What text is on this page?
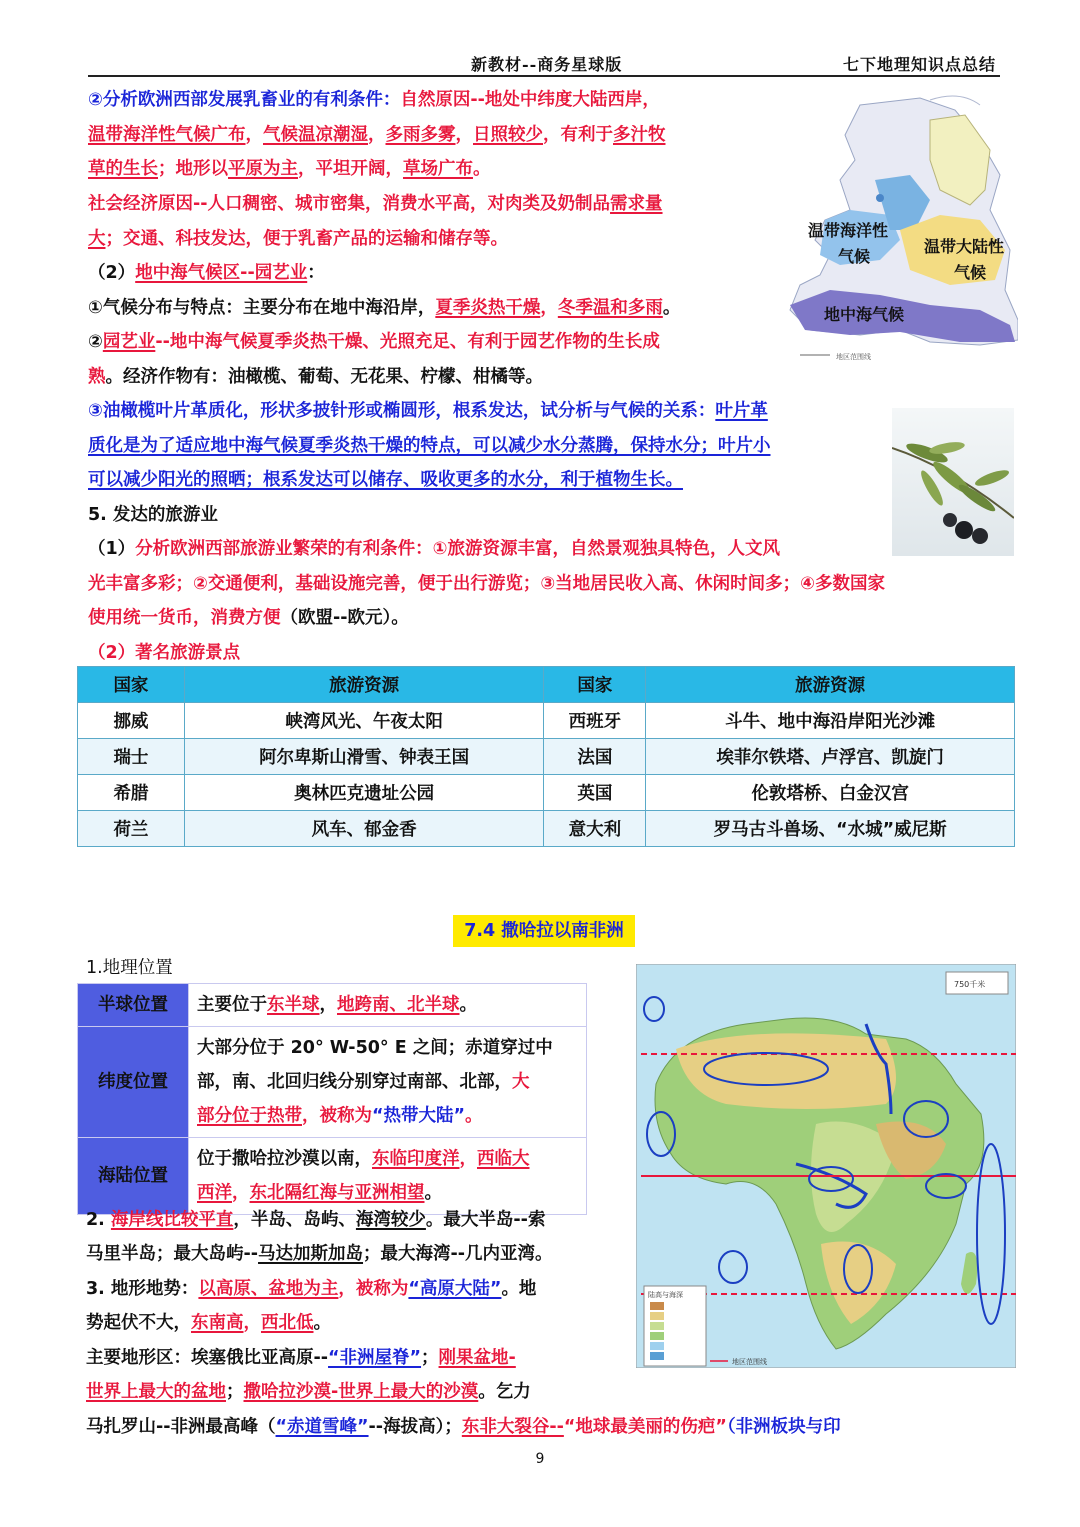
新教材--商务星球版	七下地理知识点总结
地区范围线
温带海洋性
气候
温带大陆性
气候
地中海气候
②分析欧洲西部发展乳畜业的有利条件：自然原因--地处中纬度大陆西岸，
温带海洋性气候广布，气候温凉潮湿，多雨多雾，日照较少，有利于多汁牧
草的生长；地形以平原为主，平坦开阔，草场广布。
社会经济原因--人口稠密、城市密集，消费水平高，对肉类及奶制品需求量
大；交通、科技发达，便于乳畜产品的运输和储存等。
（2）地中海气候区--园艺业：
①气候分布与特点：主要分布在地中海沿岸，夏季炎热干燥，冬季温和多雨。
②园艺业--地中海气候夏季炎热干燥、光照充足、有利于园艺作物的生长成
熟。经济作物有：油橄榄、葡萄、无花果、柠檬、柑橘等。
③油橄榄叶片革质化，形状多披针形或椭圆形，根系发达，试分析与气候的关系：叶片革
质化是为了适应地中海气候夏季炎热干燥的特点，可以减少水分蒸腾，保持水分；叶片小
可以减少阳光的照晒；根系发达可以储存、吸收更多的水分，利于植物生长。
5. 发达的旅游业
（1）分析欧洲西部旅游业繁荣的有利条件：①旅游资源丰富，自然景观独具特色，人文风
光丰富多彩；②交通便利，基础设施完善，便于出行游览；③当地居民收入高、休闲时间多；④多数国家
使用统一货币，消费方便（欧盟--欧元）。
（2）著名旅游景点
国家	旅游资源	国家	旅游资源
挪威	峡湾风光、午夜太阳	西班牙	斗牛、地中海沿岸阳光沙滩
瑞士	阿尔卑斯山滑雪、钟表王国	法国	埃菲尔铁塔、卢浮宫、凯旋门
希腊	奥林匹克遗址公园	英国	伦敦塔桥、白金汉宫
荷兰	风车、郁金香	意大利	罗马古斗兽场、“水城”威尼斯
7.4 撒哈拉以南非洲
1.地理位置
半球位置	主要位于东半球，地跨南、北半球。

纬度位置	大部分位于 20° W-50° E 之间；赤道穿过中
部，南、北回归线分别穿过南部、北部，大
部分位于热带，被称为“热带大陆”。

海陆位置	位于撒哈拉沙漠以南，东临印度洋，西临大
西洋，东北隔红海与亚洲相望。
750千米
陆高与海深
地区范围线
2. 海岸线比较平直，半岛、岛屿、海湾较少。最大半岛--索
马里半岛；最大岛屿--马达加斯加岛；最大海湾--几内亚湾。
3. 地形地势：以高原、盆地为主，被称为“高原大陆”。地
势起伏不大，东南高，西北低。
主要地形区：埃塞俄比亚高原--“非洲屋脊”；刚果盆地-
世界上最大的盆地；撒哈拉沙漠-世界上最大的沙漠。乞力
马扎罗山--非洲最高峰（“赤道雪峰”--海拔高）；东非大裂谷--“地球最美丽的伤疤”（非洲板块与印
9
